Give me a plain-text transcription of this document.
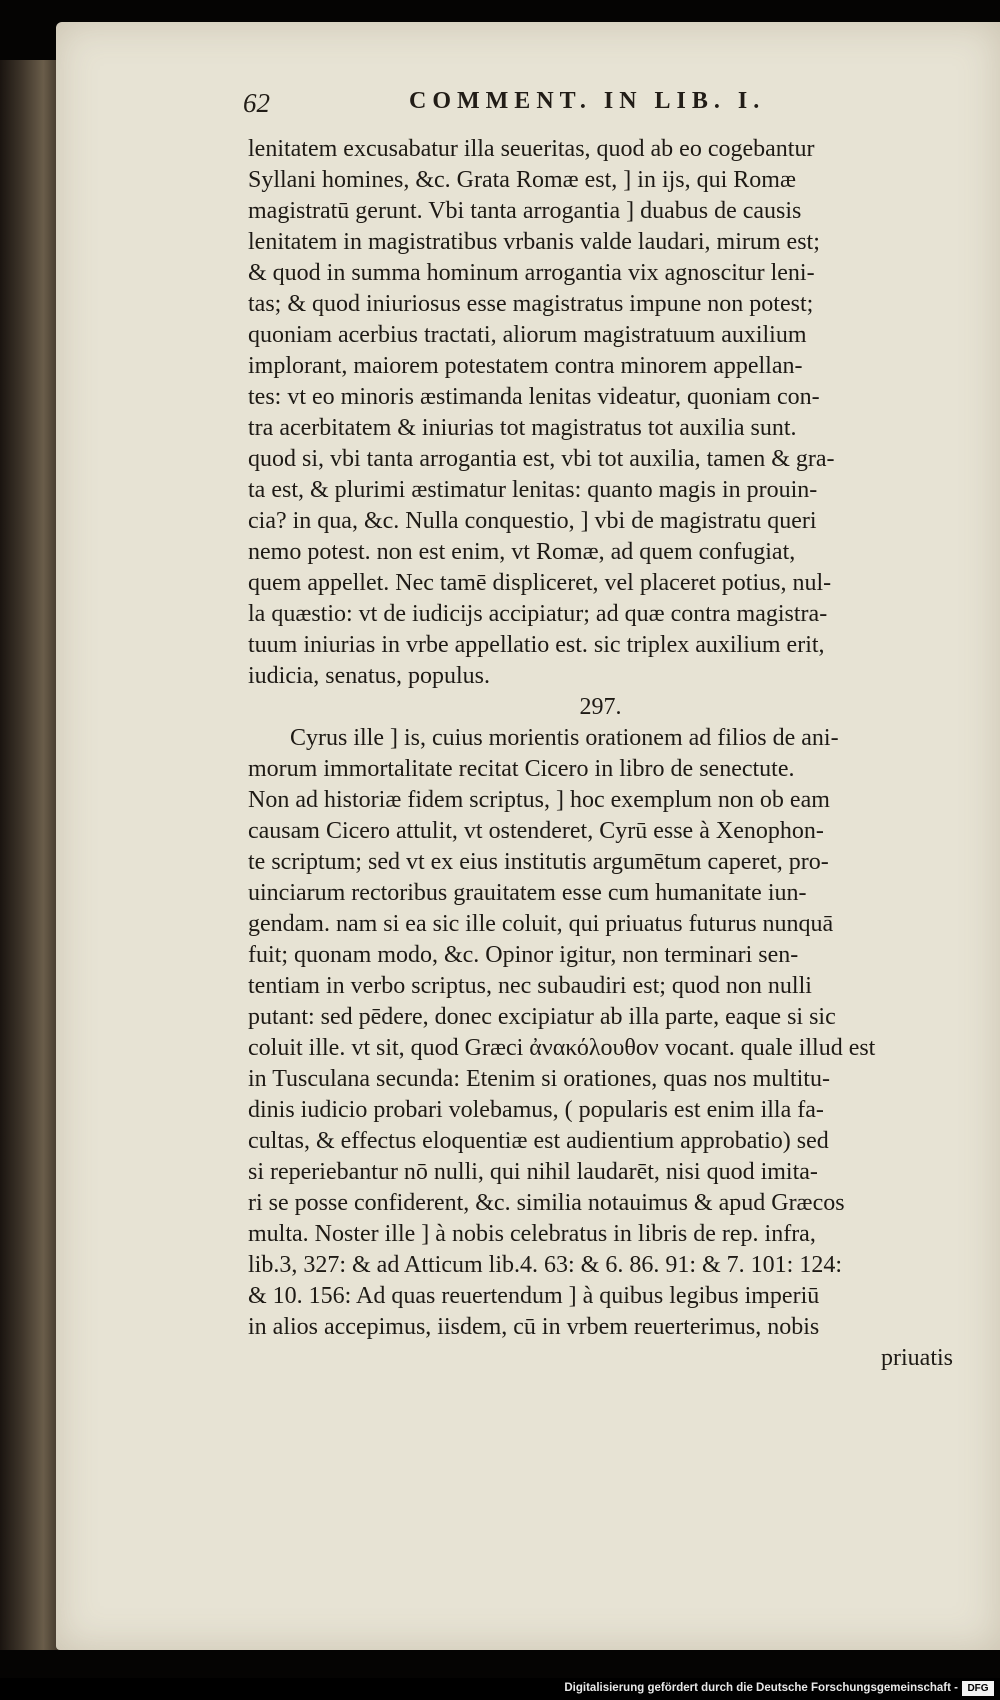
62	COMMENT. IN LIB. I.
lenitatem excusabatur illa seueritas, quod ab eo cogebantur
Syllani homines, &c. Grata Romæ est, ] in ijs, qui Romæ
magistratū gerunt. Vbi tanta arrogantia ] duabus de causis
lenitatem in magistratibus vrbanis valde laudari, mirum est;
& quod in summa hominum arrogantia vix agnoscitur leni-
tas; & quod iniuriosus esse magistratus impune non potest;
quoniam acerbius tractati, aliorum magistratuum auxilium
implorant, maiorem potestatem contra minorem appellan-
tes: vt eo minoris æstimanda lenitas videatur, quoniam con-
tra acerbitatem & iniurias tot magistratus tot auxilia sunt.
quod si, vbi tanta arrogantia est, vbi tot auxilia, tamen & gra-
ta est, & plurimi æstimatur lenitas: quanto magis in prouin-
cia? in qua, &c. Nulla conquestio, ] vbi de magistratu queri
nemo potest. non est enim, vt Romæ, ad quem confugiat,
quem appellet. Nec tamē displiceret, vel placeret potius, nul-
la quæstio: vt de iudicijs accipiatur; ad quæ contra magistra-
tuum iniurias in vrbe appellatio est. sic triplex auxilium erit,
iudicia, senatus, populus.
297.
Cyrus ille ] is, cuius morientis orationem ad filios de ani-
morum immortalitate recitat Cicero in libro de senectute.
Non ad historiæ fidem scriptus, ] hoc exemplum non ob eam
causam Cicero attulit, vt ostenderet, Cyrū esse à Xenophon-
te scriptum; sed vt ex eius institutis argumētum caperet, pro-
uinciarum rectoribus grauitatem esse cum humanitate iun-
gendam. nam si ea sic ille coluit, qui priuatus futurus nunquā
fuit; quonam modo, &c. Opinor igitur, non terminari sen-
tentiam in verbo scriptus, nec subaudiri est; quod non nulli
putant: sed pēdere, donec excipiatur ab illa parte, eaque si sic
coluit ille. vt sit, quod Græci ἀνακόλουθον vocant. quale illud est
in Tusculana secunda: Etenim si orationes, quas nos multitu-
dinis iudicio probari volebamus, ( popularis est enim illa fa-
cultas, & effectus eloquentiæ est audientium approbatio) sed
si reperiebantur nō nulli, qui nihil laudarēt, nisi quod imita-
ri se posse confiderent, &c. similia notauimus & apud Græcos
multa. Noster ille ] à nobis celebratus in libris de rep. infra,
lib.3, 327: & ad Atticum lib.4. 63: & 6. 86. 91: & 7. 101: 124:
& 10. 156: Ad quas reuertendum ] à quibus legibus imperiū
in alios accepimus, iisdem, cū in vrbem reuerterimus, nobis
priuatis
Digitalisierung gefördert durch die Deutsche Forschungsgemeinschaft - DFG
